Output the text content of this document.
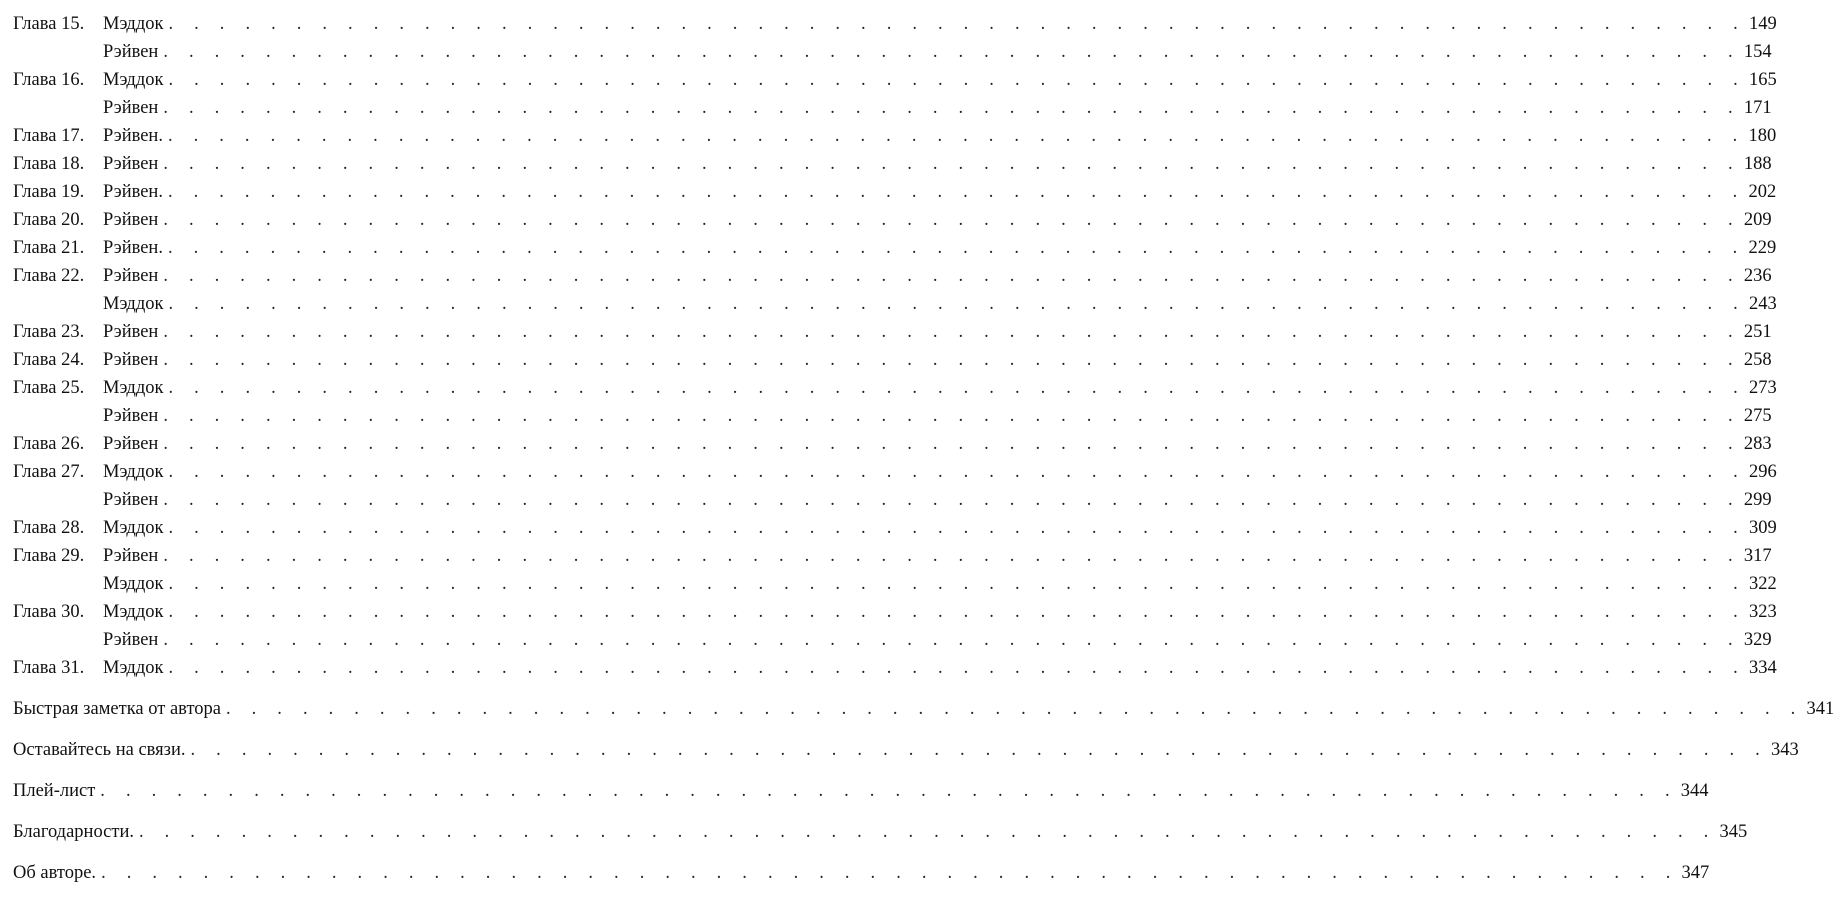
Глава 15.	Мэддок . . . . . . . . . . . . . . . . . . . . . . . . . . . . . . . . . . . . . . . . . . . . . . . . . . . . . . . . . . . . . . 149
Рэйвен . . . . . . . . . . . . . . . . . . . . . . . . . . . . . . . . . . . . . . . . . . . . . . . . . . . . . . . . . . . . . . 154
Глава 16.	Мэддок . . . . . . . . . . . . . . . . . . . . . . . . . . . . . . . . . . . . . . . . . . . . . . . . . . . . . . . . . . . . . . 165
Рэйвен . . . . . . . . . . . . . . . . . . . . . . . . . . . . . . . . . . . . . . . . . . . . . . . . . . . . . . . . . . . . . . 171
Глава 17.	Рэйвен. . . . . . . . . . . . . . . . . . . . . . . . . . . . . . . . . . . . . . . . . . . . . . . . . . . . . . . . . . . . . . . 180
Глава 18.	Рэйвен . . . . . . . . . . . . . . . . . . . . . . . . . . . . . . . . . . . . . . . . . . . . . . . . . . . . . . . . . . . . . . 188
Глава 19.	Рэйвен. . . . . . . . . . . . . . . . . . . . . . . . . . . . . . . . . . . . . . . . . . . . . . . . . . . . . . . . . . . . . . . 202
Глава 20.	Рэйвен . . . . . . . . . . . . . . . . . . . . . . . . . . . . . . . . . . . . . . . . . . . . . . . . . . . . . . . . . . . . . . 209
Глава 21.	Рэйвен. . . . . . . . . . . . . . . . . . . . . . . . . . . . . . . . . . . . . . . . . . . . . . . . . . . . . . . . . . . . . . . 229
Глава 22.	Рэйвен . . . . . . . . . . . . . . . . . . . . . . . . . . . . . . . . . . . . . . . . . . . . . . . . . . . . . . . . . . . . . . 236
Мэддок . . . . . . . . . . . . . . . . . . . . . . . . . . . . . . . . . . . . . . . . . . . . . . . . . . . . . . . . . . . . . . 243
Глава 23.	Рэйвен . . . . . . . . . . . . . . . . . . . . . . . . . . . . . . . . . . . . . . . . . . . . . . . . . . . . . . . . . . . . . . 251
Глава 24.	Рэйвен . . . . . . . . . . . . . . . . . . . . . . . . . . . . . . . . . . . . . . . . . . . . . . . . . . . . . . . . . . . . . . 258
Глава 25.	Мэддок . . . . . . . . . . . . . . . . . . . . . . . . . . . . . . . . . . . . . . . . . . . . . . . . . . . . . . . . . . . . . . 273
Рэйвен . . . . . . . . . . . . . . . . . . . . . . . . . . . . . . . . . . . . . . . . . . . . . . . . . . . . . . . . . . . . . . 275
Глава 26.	Рэйвен . . . . . . . . . . . . . . . . . . . . . . . . . . . . . . . . . . . . . . . . . . . . . . . . . . . . . . . . . . . . . . 283
Глава 27.	Мэддок . . . . . . . . . . . . . . . . . . . . . . . . . . . . . . . . . . . . . . . . . . . . . . . . . . . . . . . . . . . . . . 296
Рэйвен . . . . . . . . . . . . . . . . . . . . . . . . . . . . . . . . . . . . . . . . . . . . . . . . . . . . . . . . . . . . . . 299
Глава 28.	Мэддок . . . . . . . . . . . . . . . . . . . . . . . . . . . . . . . . . . . . . . . . . . . . . . . . . . . . . . . . . . . . . . 309
Глава 29.	Рэйвен . . . . . . . . . . . . . . . . . . . . . . . . . . . . . . . . . . . . . . . . . . . . . . . . . . . . . . . . . . . . . . 317
Мэддок . . . . . . . . . . . . . . . . . . . . . . . . . . . . . . . . . . . . . . . . . . . . . . . . . . . . . . . . . . . . . . 322
Глава 30.	Мэддок . . . . . . . . . . . . . . . . . . . . . . . . . . . . . . . . . . . . . . . . . . . . . . . . . . . . . . . . . . . . . . 323
Рэйвен . . . . . . . . . . . . . . . . . . . . . . . . . . . . . . . . . . . . . . . . . . . . . . . . . . . . . . . . . . . . . . 329
Глава 31.	Мэддок . . . . . . . . . . . . . . . . . . . . . . . . . . . . . . . . . . . . . . . . . . . . . . . . . . . . . . . . . . . . . . 334
Быстрая заметка от автора . . . . . . . . . . . . . . . . . . . . . . . . . . . . . . . . . . . . . . . . . . . . . . . . . . . . . . . . . . . . . . 341
Оставайтесь на связи. . . . . . . . . . . . . . . . . . . . . . . . . . . . . . . . . . . . . . . . . . . . . . . . . . . . . . . . . . . . . . . 343
Плей-лист . . . . . . . . . . . . . . . . . . . . . . . . . . . . . . . . . . . . . . . . . . . . . . . . . . . . . . . . . . . . . . 344
Благодарности. . . . . . . . . . . . . . . . . . . . . . . . . . . . . . . . . . . . . . . . . . . . . . . . . . . . . . . . . . . . . . . 345
Об авторе. . . . . . . . . . . . . . . . . . . . . . . . . . . . . . . . . . . . . . . . . . . . . . . . . . . . . . . . . . . . . . . 347
